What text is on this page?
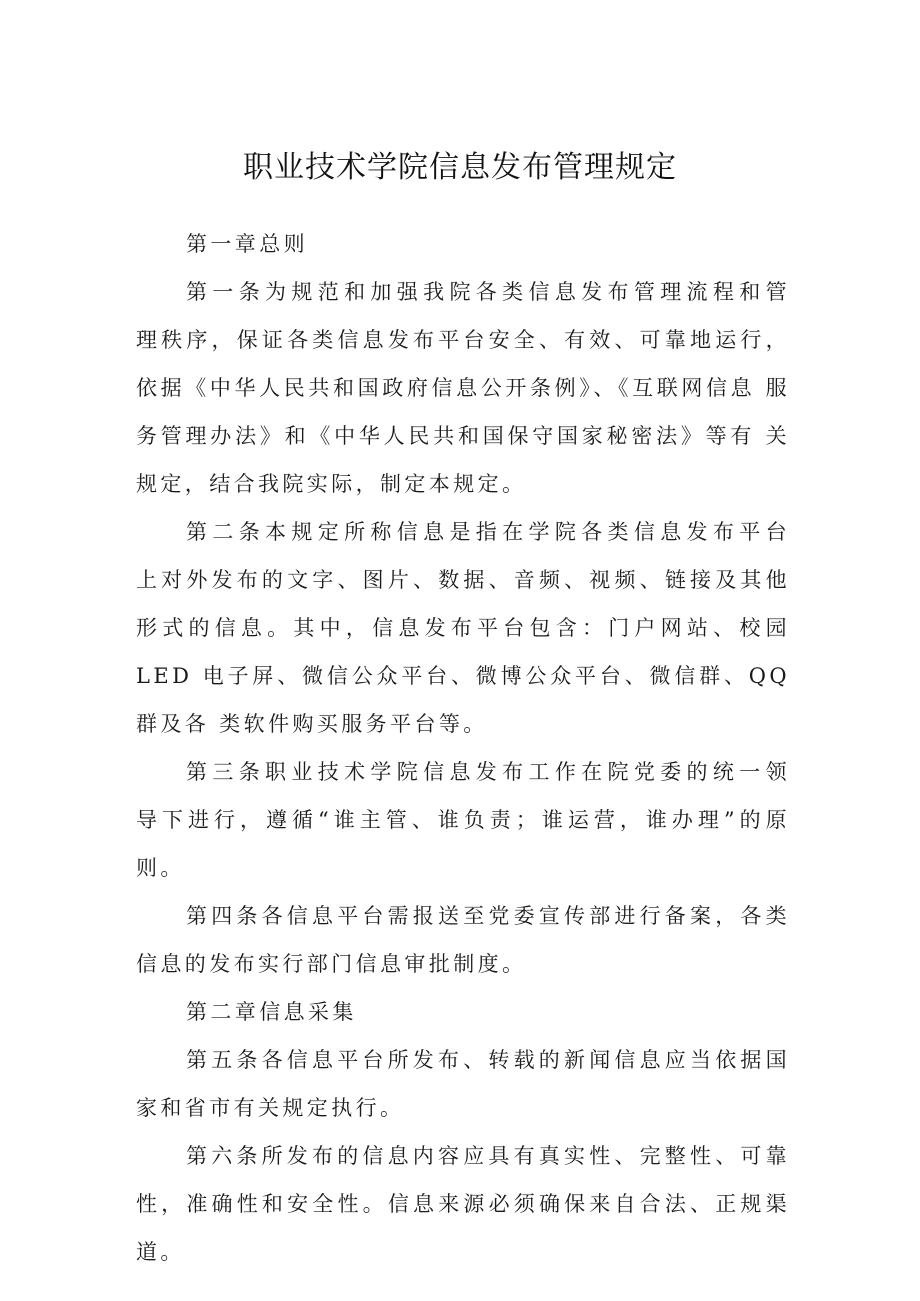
职业技术学院信息发布管理规定

第一章总则

第一条为规范和加强我院各类信息发布管理流程和管　理秩序，保证各类信息发布平台安全、有效、可靠地运行， 依据《中华人民共和国政府信息公开条例》、《互联网信息 服务管理办法》和《中华人民共和国保守国家秘密法》等有 关规定，结合我院实际，制定本规定。

第二条本规定所称信息是指在学院各类信息发布平台　上对外发布的文字、图片、数据、音频、视频、链接及其他 形式的信息。其中，信息发布平台包含：门户网站、校园LED 电子屏、微信公众平台、微博公众平台、微信群、QQ群及各 类软件购买服务平台等。

第三条职业技术学院信息发布工作在院党委的统一领　导下进行，遵循“谁主管、谁负责；谁运营，谁办理”的原 则。

第四条各信息平台需报送至党委宣传部进行备案，各类 信息的发布实行部门信息审批制度。

第二章信息采集

第五条各信息平台所发布、转载的新闻信息应当依据国 家和省市有关规定执行。

第六条所发布的信息内容应具有真实性、完整性、可靠　性，准确性和安全性。信息来源必须确保来自合法、正规渠 道。
